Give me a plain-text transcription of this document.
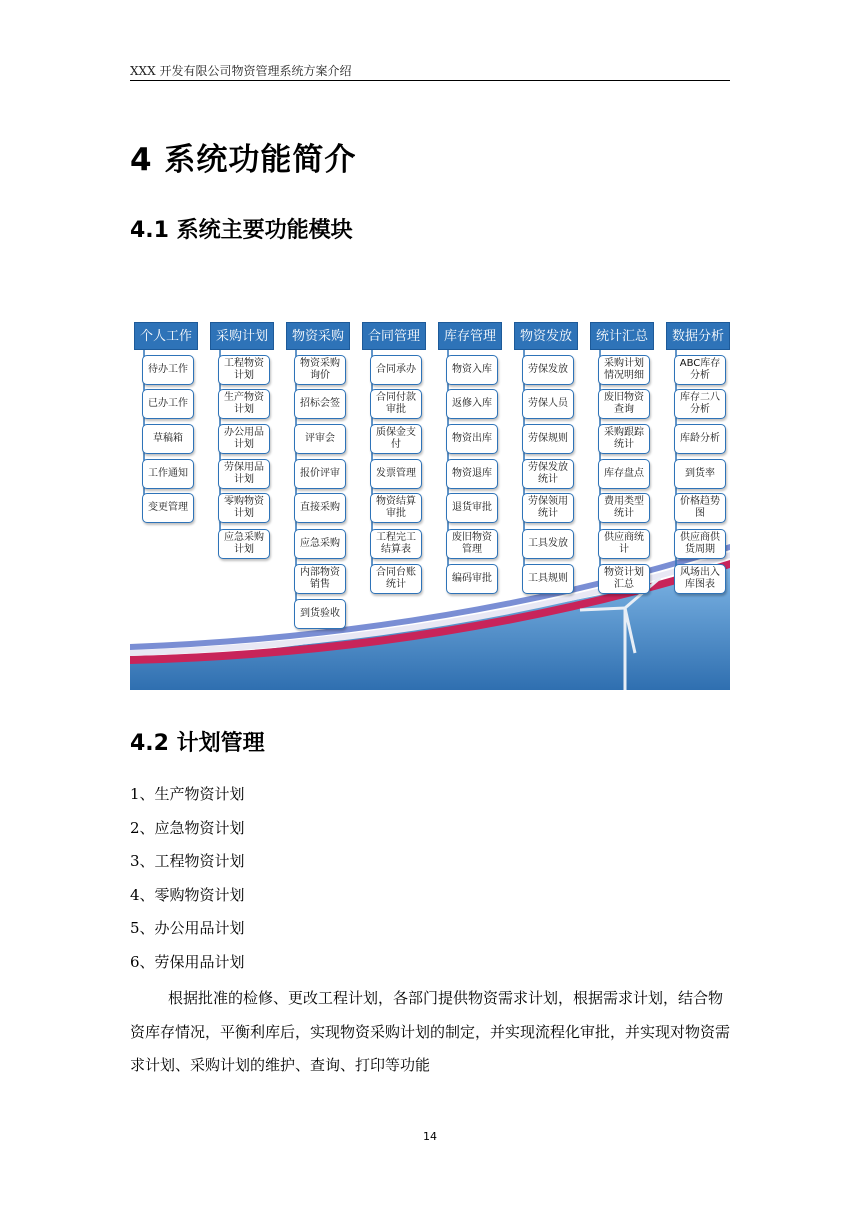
XXX 开发有限公司物资管理系统方案介绍
4 系统功能简介
4.1 系统主要功能模块
个人工作
待办工作
已办工作
草稿箱
工作通知
变更管理
采购计划
工程物资计划
生产物资计划
办公用品计划
劳保用品计划
零购物资计划
应急采购计划
物资采购
物资采购询价
招标会签
评审会
报价评审
直接采购
应急采购
内部物资销售
到货验收
合同管理
合同承办
合同付款审批
质保金支付
发票管理
物资结算审批
工程完工结算表
合同台账统计
库存管理
物资入库
返修入库
物资出库
物资退库
退货审批
废旧物资管理
编码审批
物资发放
劳保发放
劳保人员
劳保规则
劳保发放统计
劳保领用统计
工具发放
工具规则
统计汇总
采购计划情况明细
废旧物资查询
采购跟踪统计
库存盘点
费用类型统计
供应商统计
物资计划汇总
数据分析
ABC库存分析
库存二八分析
库龄分析
到货率
价格趋势图
供应商供货周期
风场出入库图表
4.2 计划管理
1、生产物资计划
2、应急物资计划
3、工程物资计划
4、零购物资计划
5、办公用品计划
6、劳保用品计划
根据批准的检修、更改工程计划，各部门提供物资需求计划，根据需求计划，结合物资库存情况，平衡利库后，实现物资采购计划的制定，并实现流程化审批，并实现对物资需求计划、采购计划的维护、查询、打印等功能
14
